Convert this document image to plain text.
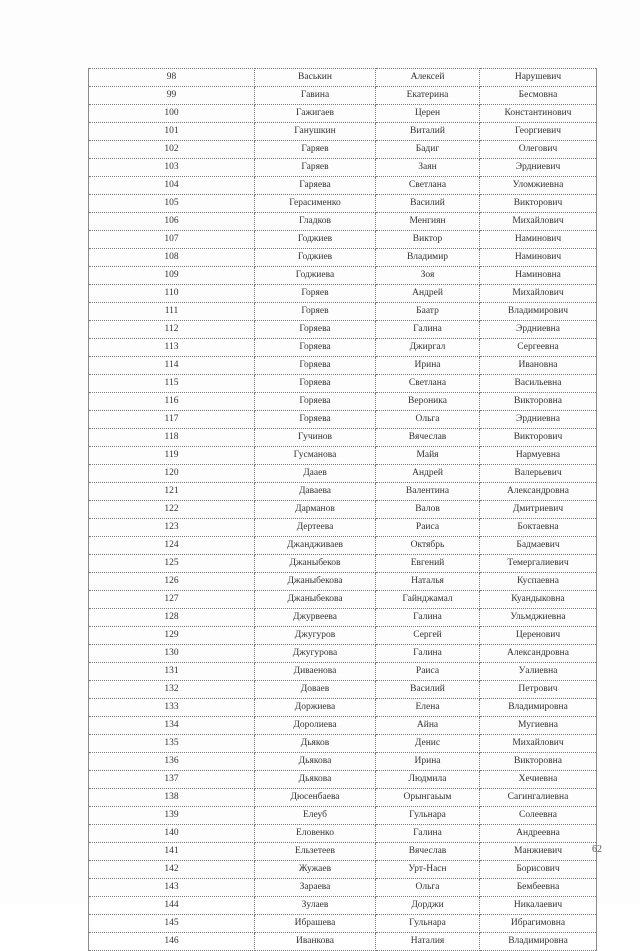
98	Васькин	Алексей	Нарушевич
99	Гавина	Екатерина	Бесмовна
100	Гажигаев	Церен	Константинович
101	Ганушкин	Виталий	Георгиевич
102	Гаряев	Бадиг	Олегович
103	Гаряев	Заян	Эрдниевич
104	Гаряева	Светлана	Уломжиевна
105	Герасименко	Василий	Викторович
106	Гладков	Менгиян	Михайлович
107	Годжиев	Виктор	Наминович
108	Годжиев	Владимир	Наминович
109	Годжиева	Зоя	Наминовна
110	Горяев	Андрей	Михайлович
111	Горяев	Баатр	Владимирович
112	Горяева	Галина	Эрдниевна
113	Горяева	Джиргал	Сергеевна
114	Горяева	Ирина	Ивановна
115	Горяева	Светлана	Васильевна
116	Горяева	Вероника	Викторовна
117	Горяева	Ольга	Эрдниевна
118	Гучинов	Вячеслав	Викторович
119	Гусманова	Майя	Нармуевна
120	Дааев	Андрей	Валерьевич
121	Даваева	Валентина	Александровна
122	Дарманов	Валов	Дмитриевич
123	Дертеева	Раиса	Боктаевна
124	Джандживаев	Октябрь	Бадмаевич
125	Джаныбеков	Евгений	Темергалиевич
126	Джаныбекова	Наталья	Куспаевна
127	Джаныбекова	Гайнджамал	Куандыковна
128	Джурвеева	Галина	Ульмджиевна
129	Джугуров	Сергей	Церенович
130	Джугурова	Галина	Александровна
131	Диваенова	Раиса	Уалиевна
132	Доваев	Василий	Петрович
133	Доржиева	Елена	Владимировна
134	Доролиева	Айна	Мугиевна
135	Дьяков	Денис	Михайлович
136	Дьякова	Ирина	Викторовна
137	Дьякова	Людмила	Хечиевна
138	Дюсенбаева	Орынгаьым	Сагингалиевна
139	Елеуб	Гульнара	Солеевна
140	Еловенко	Галина	Андреевна
141	Ельзетеев	Вячеслав	Манжиевич
142	Жужаев	Урт-Насн	Борисович
143	Зараева	Ольга	Бембеевна
144	Зулаев	Дорджи	Никалаевич
145	Ибрашева	Гульнара	Ибрагимовна
146	Иванкова	Наталия	Владимировна
62
